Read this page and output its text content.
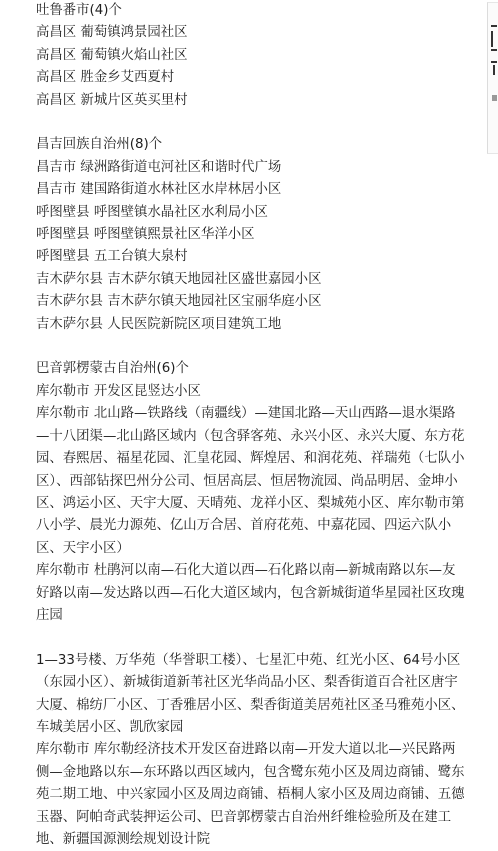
吐鲁番市(4)个
高昌区 葡萄镇鸿景园社区
高昌区 葡萄镇火焰山社区
高昌区 胜金乡艾西夏村
高昌区 新城片区英买里村
昌吉回族自治州(8)个
昌吉市 绿洲路街道屯河社区和谐时代广场
昌吉市 建国路街道水林社区水岸林居小区
呼图壁县 呼图壁镇水晶社区水利局小区
呼图壁县 呼图壁镇熙景社区华洋小区
呼图壁县 五工台镇大泉村
吉木萨尔县 吉木萨尔镇天地园社区盛世嘉园小区
吉木萨尔县 吉木萨尔镇天地园社区宝丽华庭小区
吉木萨尔县 人民医院新院区项目建筑工地
巴音郭楞蒙古自治州(6)个
库尔勒市 开发区昆竖达小区
库尔勒市 北山路—铁路线（南疆线）—建国北路—天山西路—退水渠路—十八团渠—北山路区域内（包含驿客苑、永兴小区、永兴大厦、东方花园、春熙居、福星花园、汇皇花园、辉煌居、和润花苑、祥瑞苑（七队小区）、西部钻探巴州分公司、恒居高层、恒居物流园、尚品明居、金坤小区、鸿运小区、天宇大厦、天晴苑、龙祥小区、梨城苑小区、库尔勒市第八小学、晨光力源苑、亿山万合居、首府花苑、中嘉花园、四运六队小区、天宇小区）
库尔勒市 杜鹃河以南—石化大道以西—石化路以南—新城南路以东—友好路以南—发达路以西—石化大道区域内，包含新城街道华星园社区玫瑰庄园
1—33号楼、万华苑（华誉职工楼）、七星汇中苑、红光小区、64号小区（东园小区）、新城街道新苇社区光华尚品小区、梨香街道百合社区唐宇大厦、棉纺厂小区、丁香雅居小区、梨香街道美居苑社区圣马雅苑小区、车城美居小区、凯欣家园
库尔勒市 库尔勒经济技术开发区奋进路以南—开发大道以北—兴民路两侧—金地路以东—东环路以西区域内，包含鹭东苑小区及周边商铺、鹭东苑二期工地、中兴家园小区及周边商铺、梧桐人家小区及周边商铺、五德玉器、阿帕奇武装押运公司、巴音郭楞蒙古自治州纤维检验所及在建工地、新疆国源测绘规划设计院
